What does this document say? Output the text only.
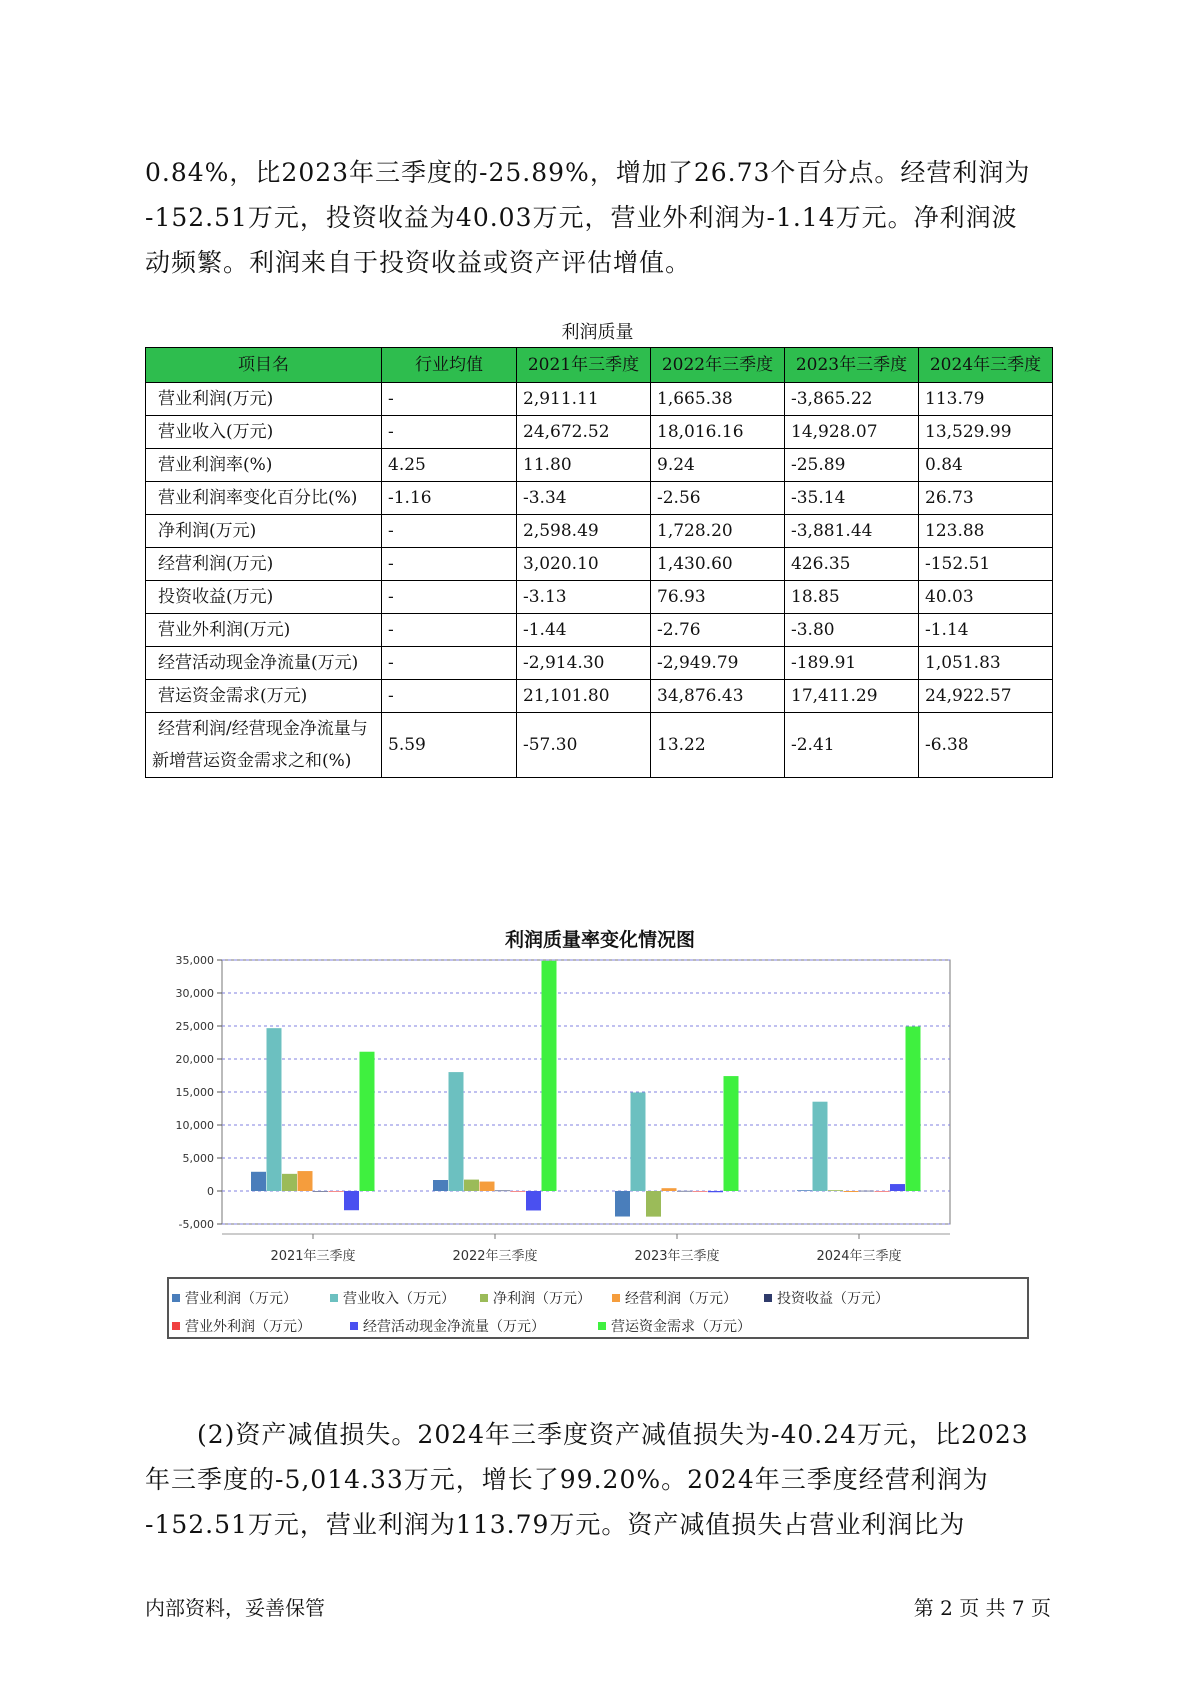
0.84%，比2023年三季度的-25.89%，增加了26.73个百分点。经营利润为

-152.51万元，投资收益为40.03万元，营业外利润为-1.14万元。净利润波

动频繁。利润来自于投资收益或资产评估增值。

利润质量
项目名	行业均值	2021年三季度	2022年三季度	2023年三季度	2024年三季度
营业利润(万元)	-	2,911.11	1,665.38	-3,865.22	113.79
营业收入(万元)	-	24,672.52	18,016.16	14,928.07	13,529.99
营业利润率(%)	4.25	11.80	9.24	-25.89	0.84
营业利润率变化百分比(%)	-1.16	-3.34	-2.56	-35.14	26.73
净利润(万元)	-	2,598.49	1,728.20	-3,881.44	123.88
经营利润(万元)	-	3,020.10	1,430.60	426.35	-152.51
投资收益(万元)	-	-3.13	76.93	18.85	40.03
营业外利润(万元)	-	-1.44	-2.76	-3.80	-1.14
经营活动现金净流量(万元)	-	-2,914.30	-2,949.79	-189.91	1,051.83
营运资金需求(万元)	-	21,101.80	34,876.43	17,411.29	24,922.57
经营利润/经营现金净流量与新增营运资金需求之和(%)	5.59	-57.30	13.22	-2.41	-6.38
利润质量率变化情况图
-5,000
0
5,000
10,000
15,000
20,000
25,000
30,000
35,000
2021年三季度	2022年三季度	2023年三季度	2024年三季度
营业利润（万元）	营业收入（万元）	净利润（万元） 经营利润（万元）	投资收益（万元）
营业外利润（万元）	经营活动现金净流量（万元）	营运资金需求（万元）

(2)资产减值损失。2024年三季度资产减值损失为-40.24万元，比2023

年三季度的-5,014.33万元，增长了99.20%。2024年三季度经营利润为

-152.51万元，营业利润为113.79万元。资产减值损失占营业利润比为

内部资料，妥善保管	第 2 页 共 7 页
